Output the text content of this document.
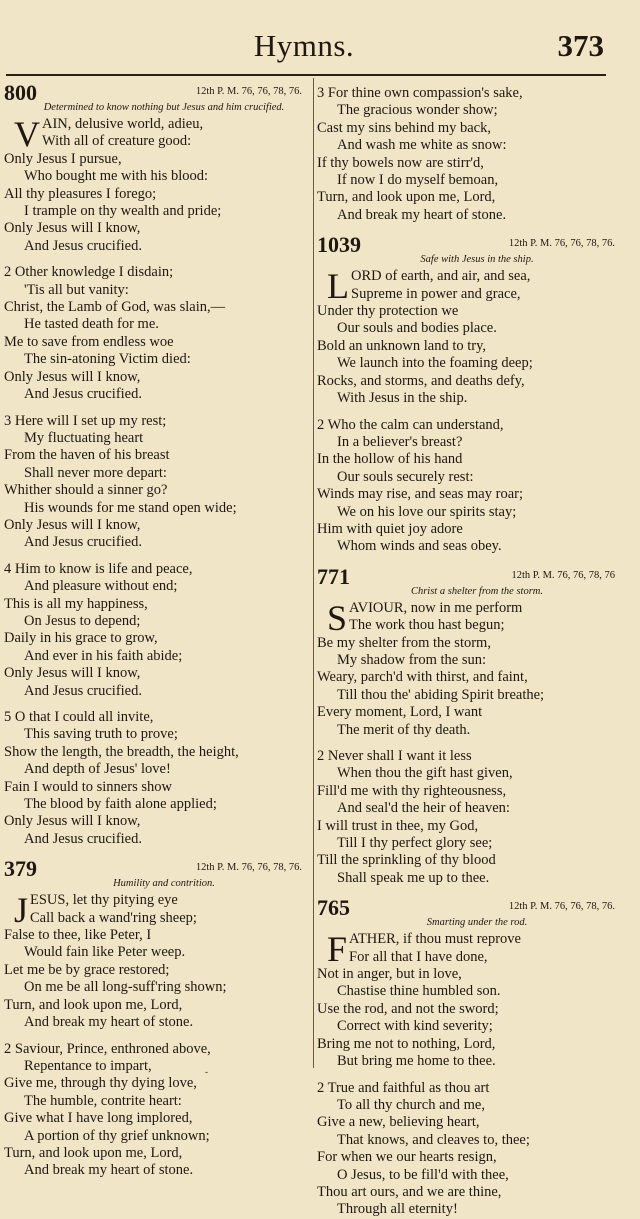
Hymns.	373
800	12th P. M. 76, 76, 78, 76.
Determined to know nothing but Jesus and him crucified.
V AIN, delusive world, adieu,
With all of creature good:
Only Jesus I pursue,
Who bought me with his blood:
All thy pleasures I forego;
I trample on thy wealth and pride;
Only Jesus will I know,
And Jesus crucified.
2 Other knowledge I disdain;
'Tis all but vanity:
Christ, the Lamb of God, was slain,—
He tasted death for me.
Me to save from endless woe
The sin-atoning Victim died:
Only Jesus will I know,
And Jesus crucified.
3 Here will I set up my rest;
My fluctuating heart
From the haven of his breast
Shall never more depart:
Whither should a sinner go?
His wounds for me stand open wide;
Only Jesus will I know,
And Jesus crucified.
4 Him to know is life and peace,
And pleasure without end;
This is all my happiness,
On Jesus to depend;
Daily in his grace to grow,
And ever in his faith abide;
Only Jesus will I know,
And Jesus crucified.
5 O that I could all invite,
This saving truth to prove;
Show the length, the breadth, the height,
And depth of Jesus' love!
Fain I would to sinners show
The blood by faith alone applied;
Only Jesus will I know,
And Jesus crucified.
379	12th P. M. 76, 76, 78, 76.
Humility and contrition.
J ESUS, let thy pitying eye
Call back a wand'ring sheep;
False to thee, like Peter, I
Would fain like Peter weep.
Let me be by grace restored;
On me be all long-suff'ring shown;
Turn, and look upon me, Lord,
And break my heart of stone.
2 Saviour, Prince, enthroned above,
Repentance to impart,
Give me, through thy dying love,
The humble, contrite heart:
Give what I have long implored,
A portion of thy grief unknown;
Turn, and look upon me, Lord,
And break my heart of stone.
3 For thine own compassion's sake,
The gracious wonder show;
Cast my sins behind my back,
And wash me white as snow:
If thy bowels now are stirr'd,
If now I do myself bemoan,
Turn, and look upon me, Lord,
And break my heart of stone.
1039	12th P. M. 76, 76, 78, 76.
Safe with Jesus in the ship.
L ORD of earth, and air, and sea,
Supreme in power and grace,
Under thy protection we
Our souls and bodies place.
Bold an unknown land to try,
We launch into the foaming deep;
Rocks, and storms, and deaths defy,
With Jesus in the ship.
2 Who the calm can understand,
In a believer's breast?
In the hollow of his hand
Our souls securely rest:
Winds may rise, and seas may roar;
We on his love our spirits stay;
Him with quiet joy adore
Whom winds and seas obey.
771	12th P. M. 76, 76, 78, 76
Christ a shelter from the storm.
S AVIOUR, now in me perform
The work thou hast begun;
Be my shelter from the storm,
My shadow from the sun:
Weary, parch'd with thirst, and faint,
Till thou the' abiding Spirit breathe;
Every moment, Lord, I want
The merit of thy death.
2 Never shall I want it less
When thou the gift hast given,
Fill'd me with thy righteousness,
And seal'd the heir of heaven:
I will trust in thee, my God,
Till I thy perfect glory see;
Till the sprinkling of thy blood
Shall speak me up to thee.
765	12th P. M. 76, 76, 78, 76.
Smarting under the rod.
F ATHER, if thou must reprove
For all that I have done,
Not in anger, but in love,
Chastise thine humbled son.
Use the rod, and not the sword;
Correct with kind severity;
Bring me not to nothing, Lord,
But bring me home to thee.
2 True and faithful as thou art
To all thy church and me,
Give a new, believing heart,
That knows, and cleaves to, thee;
For when we our hearts resign,
O Jesus, to be fill'd with thee,
Thou art ours, and we are thine,
Through all eternity!
-
